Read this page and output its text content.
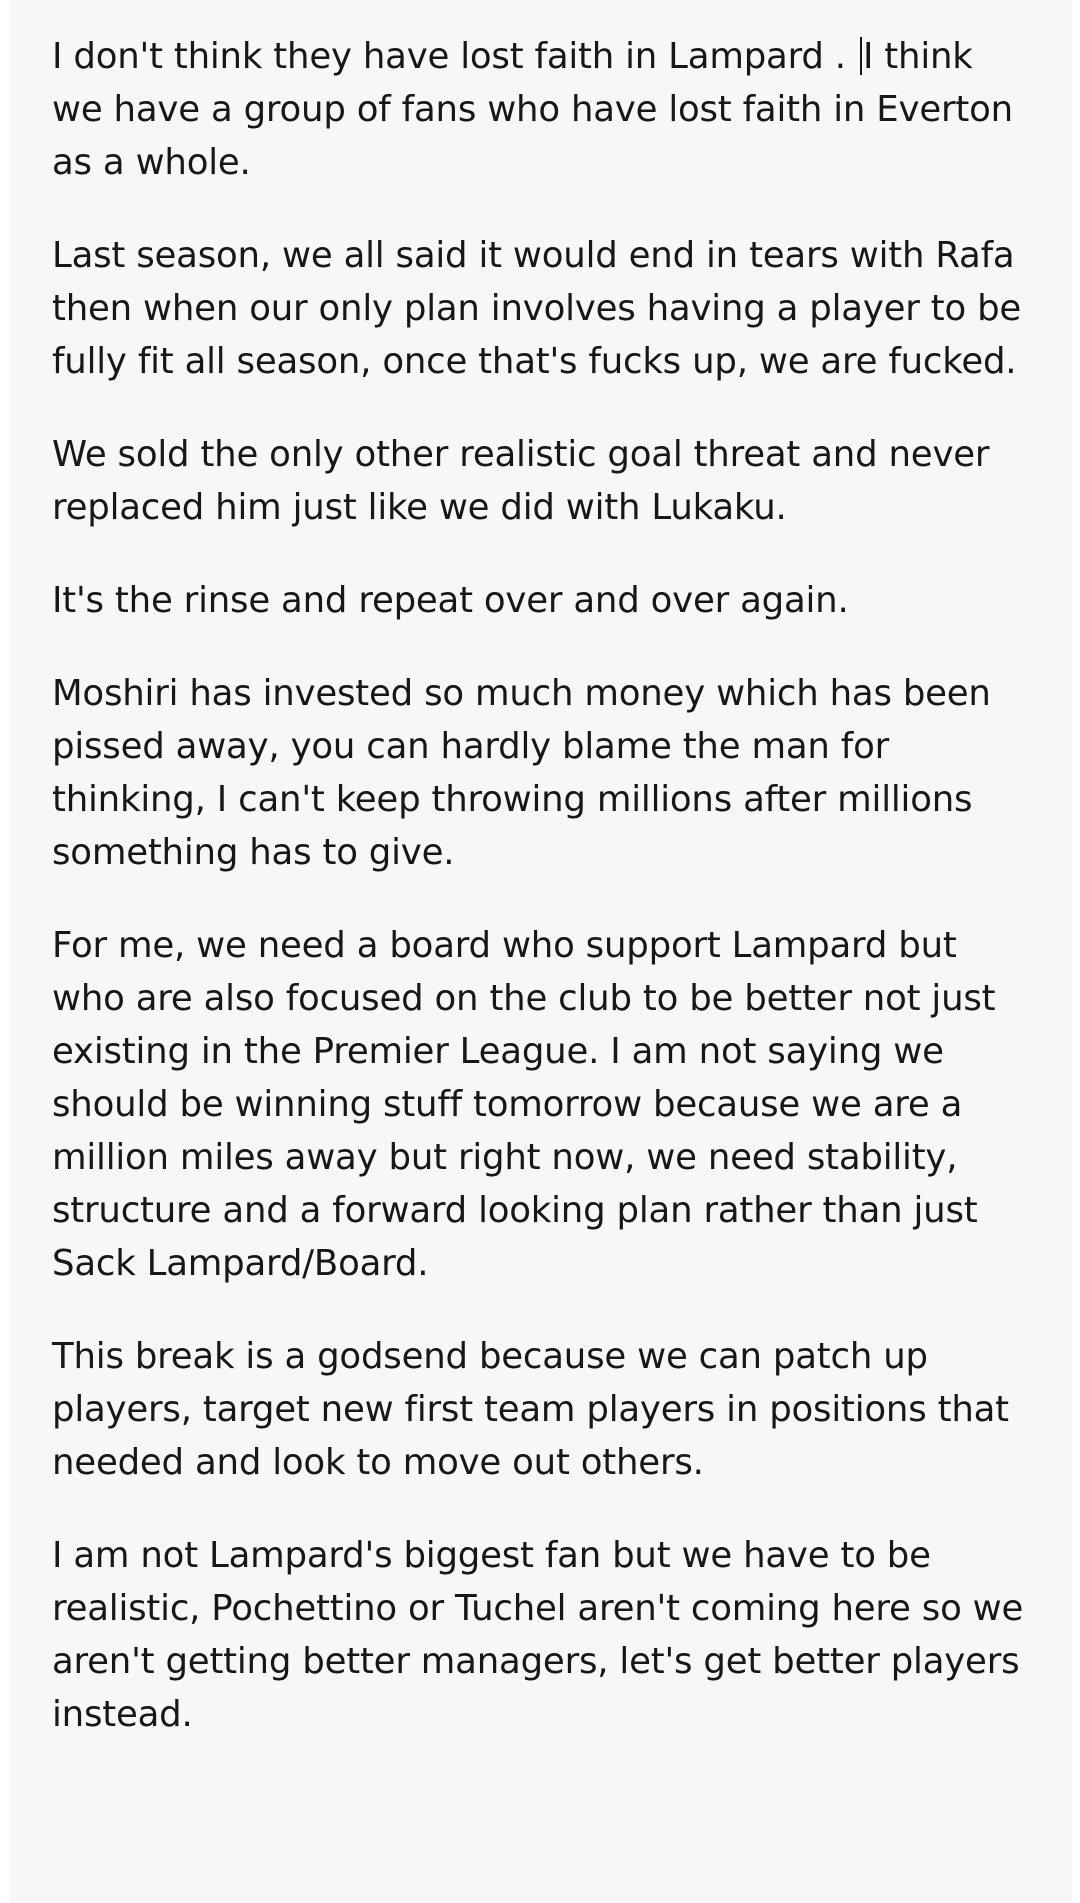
I don't think they have lost faith in Lampard . I think we have a group of fans who have lost faith in Everton as a whole.

Last season, we all said it would end in tears with Rafa then when our only plan involves having a player to be fully fit all season, once that's fucks up, we are fucked.

We sold the only other realistic goal threat and never replaced him just like we did with Lukaku.

It's the rinse and repeat over and over again.

Moshiri has invested so much money which has been pissed away, you can hardly blame the man for thinking, I can't keep throwing millions after millions something has to give.

For me, we need a board who support Lampard but who are also focused on the club to be better not just existing in the Premier League. I am not saying we should be winning stuff tomorrow because we are a million miles away but right now, we need stability, structure and a forward looking plan rather than just Sack Lampard/Board.

This break is a godsend because we can patch up players, target new first team players in positions that needed and look to move out others.

I am not Lampard's biggest fan but we have to be realistic, Pochettino or Tuchel aren't coming here so we aren't getting better managers, let's get better players instead.
